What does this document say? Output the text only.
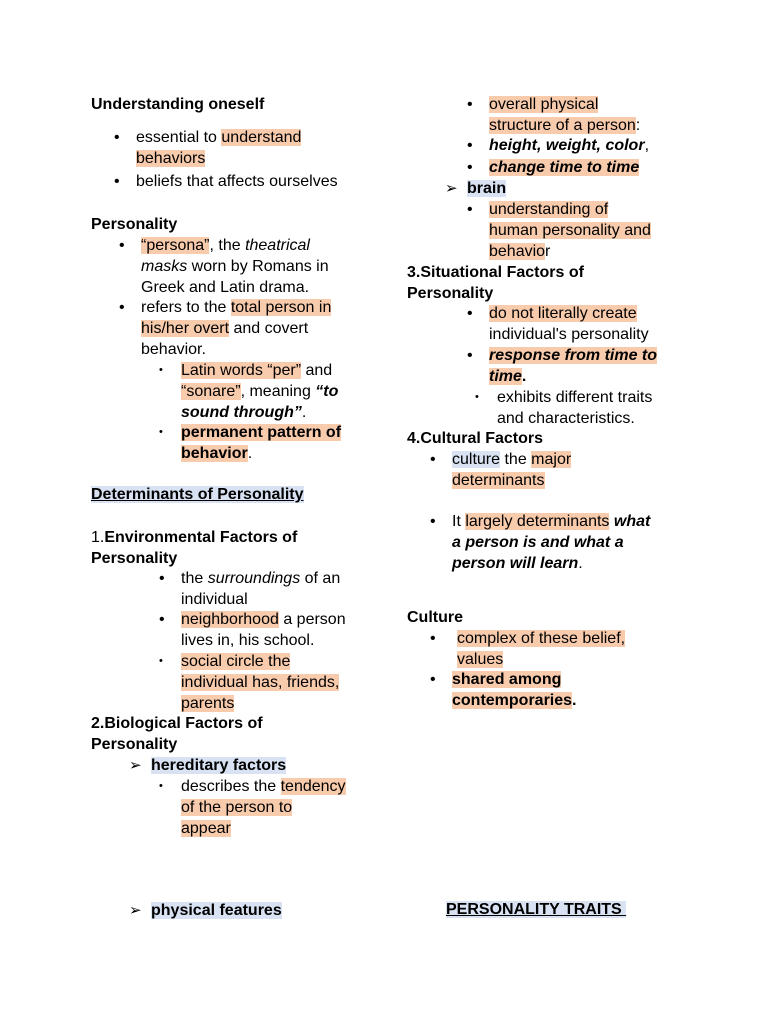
Understanding oneself
• essential to understand
behaviors
• beliefs that affects ourselves
Personality
• “persona”, the theatrical
masks worn by Romans in
Greek and Latin drama.
• refers to the total person in
his/her overt and covert
behavior.
• Latin words “per” and
“sonare”, meaning “to
sound through”.
• permanent pattern of
behavior.
Determinants of Personality
1.Environmental Factors of
Personality
• the surroundings of an
individual
• neighborhood a person
lives in, his school.
• social circle the
individual has, friends,
parents
2.Biological Factors of
Personality
➢ hereditary factors
• describes the tendency
of the person to
appear
➢ physical features
• overall physical
structure of a person:
• height, weight, color,
• change time to time
➢ brain
• understanding of
human personality and
behavior
3.Situational Factors of
Personality
• do not literally create
individual's personality
• response from time to
time.
• exhibits different traits
and characteristics.
4.Cultural Factors
• culture the major
determinants
• It largely determinants what
a person is and what a
person will learn.
Culture
• complex of these belief,
values
• shared among
contemporaries.
PERSONALITY TRAITS
